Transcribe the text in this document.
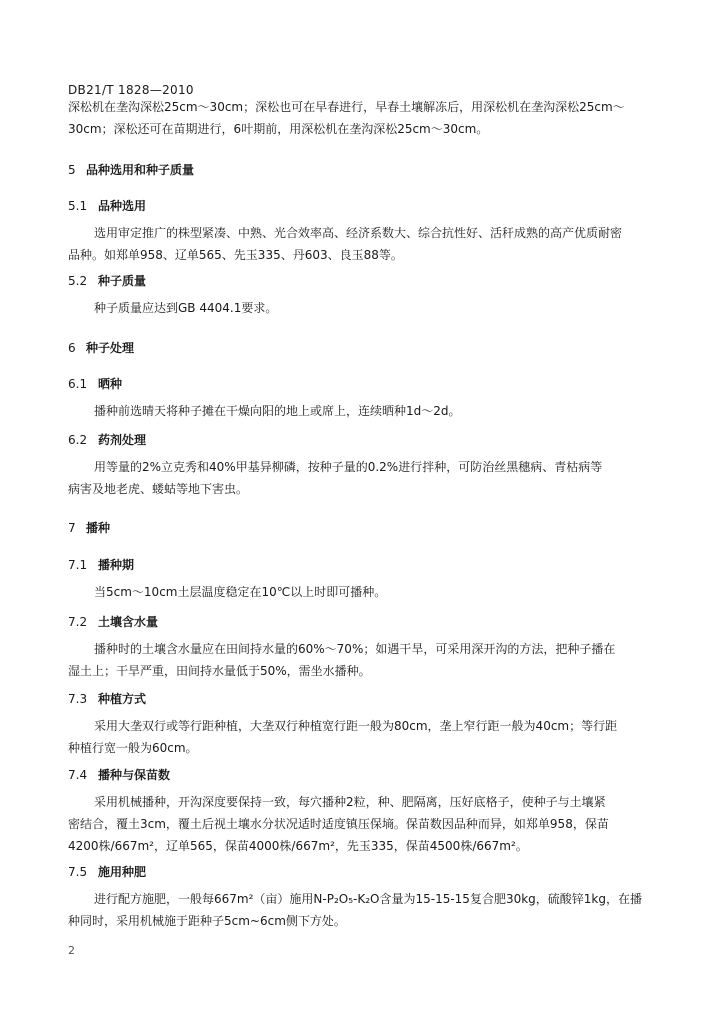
DB21/T 1828—2010

深松机在垄沟深松25cm～30cm；深松也可在早春进行，早春土壤解冻后，用深松机在垄沟深松25cm～

30cm；深松还可在苗期进行，6叶期前，用深松机在垄沟深松25cm～30cm。

5 品种选用和种子质量
5.1 品种选用

选用审定推广的株型紧凑、中熟、光合效率高、经济系数大、综合抗性好、活秆成熟的高产优质耐密

品种。如郑单958、辽单565、先玉335、丹603、良玉88等。

5.2 种子质量

种子质量应达到GB 4404.1要求。

6 种子处理
6.1 晒种

播种前选晴天将种子摊在干燥向阳的地上或席上，连续晒种1d～2d。

6.2 药剂处理

用等量的2%立克秀和40%甲基异柳磷，按种子量的0.2%进行拌种，可防治丝黑穗病、青枯病等

病害及地老虎、蝼蛄等地下害虫。

7 播种
7.1 播种期

当5cm～10cm土层温度稳定在10℃以上时即可播种。

7.2 土壤含水量

播种时的土壤含水量应在田间持水量的60%～70%；如遇干旱，可采用深开沟的方法，把种子播在

湿土上；干旱严重，田间持水量低于50%，需坐水播种。

7.3 种植方式

采用大垄双行或等行距种植，大垄双行种植宽行距一般为80cm，垄上窄行距一般为40cm；等行距

种植行宽一般为60cm。

7.4 播种与保苗数

采用机械播种，开沟深度要保持一致，每穴播种2粒，种、肥隔离，压好底格子，使种子与土壤紧

密结合，覆土3cm，覆土后视土壤水分状况适时适度镇压保墒。保苗数因品种而异，如郑单958，保苗

4200株/667m²，辽单565，保苗4000株/667m²，先玉335，保苗4500株/667m²。

7.5 施用种肥

进行配方施肥，一般每667m²（亩）施用N-P₂O₅-K₂O含量为15-15-15复合肥30kg，硫酸锌1kg，在播

种同时，采用机械施于距种子5cm~6cm侧下方处。

2
